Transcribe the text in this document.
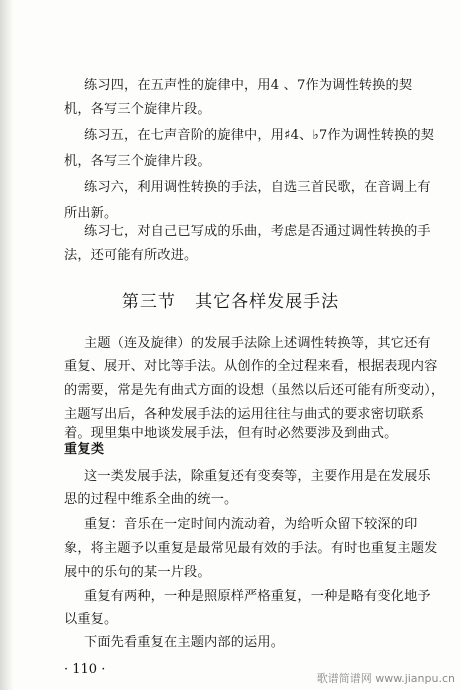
练习四，在五声性的旋律中，用4 、7作为调性转换的契
机，各写三个旋律片段。
练习五，在七声音阶的旋律中，用♯4、♭7作为调性转换的契
机，各写三个旋律片段。
练习六，利用调性转换的手法，自选三首民歌，在音调上有
所出新。
练习七，对自己已写成的乐曲，考虑是否通过调性转换的手
法，还可能有所改进。
第三节   其它各样发展手法
主题（连及旋律）的发展手法除上述调性转换等，其它还有
重复、展开、对比等手法。从创作的全过程来看，根据表现内容
的需要，常是先有曲式方面的设想（虽然以后还可能有所变动），
主题写出后，各种发展手法的运用往往与曲式的要求密切联系
着。现里集中地谈发展手法，但有时必然要涉及到曲式。
重复类
这一类发展手法，除重复还有变奏等，主要作用是在发展乐
思的过程中维系全曲的统一。
重复：音乐在一定时间内流动着，为给听众留下较深的印
象，将主题予以重复是最常见最有效的手法。有时也重复主题发
展中的乐句的某一片段。
重复有两种，一种是照原样严格重复，一种是略有变化地予
以重复。
下面先看重复在主题内部的运用。
· 110 ·
歌谱简谱网 www.jianpu.cn
